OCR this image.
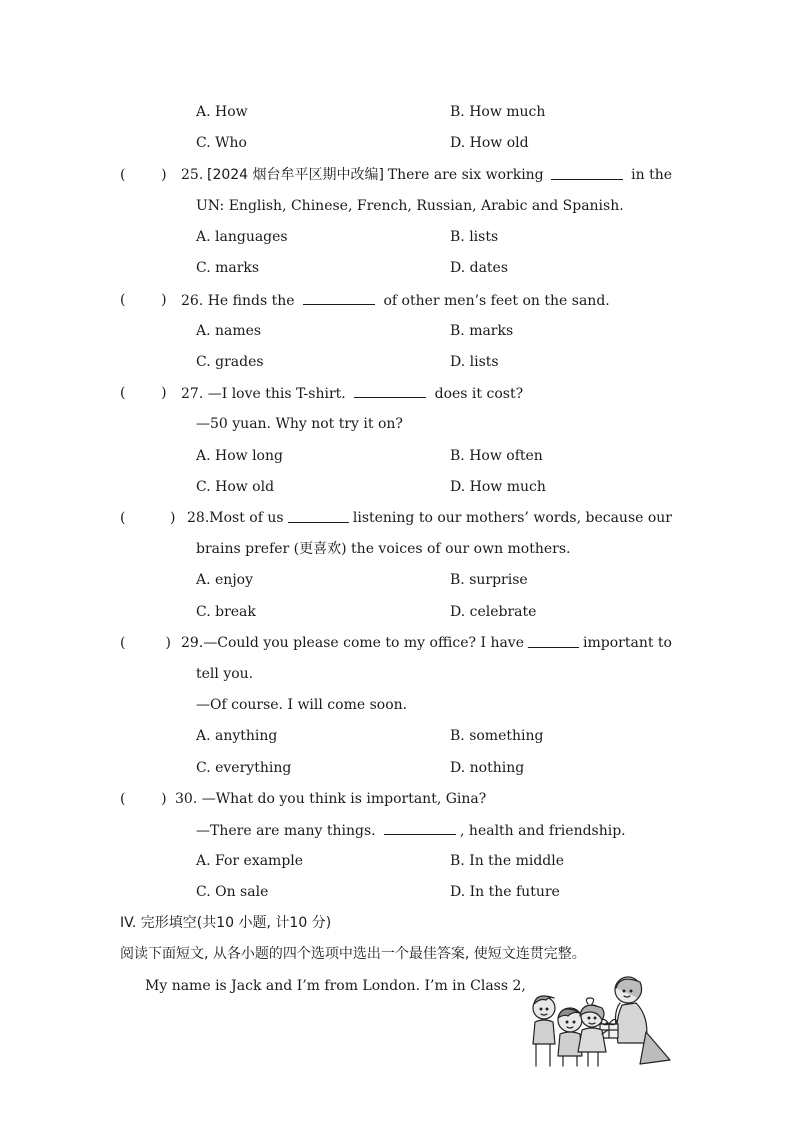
A. How	B. How much
C. Who	D. How old
(        ) 25. [2024 烟台牟平区期中改编] There are six working	in the
UN: English, Chinese, French, Russian, Arabic and Spanish.
A. languages	B. lists
C. marks	D. dates
(        ) 26. He finds the	of other men’s feet on the sand.
A. names	B. marks
C. grades	D. lists
(        ) 27. —I love this T-shirt.	does it cost?
—50 yuan. Why not try it on?
A. How long	B. How often
C. How old	D. How much
(          ) 28. Most of us	listening to our mothers’ words, because our
brains prefer (更喜欢) the voices of our own mothers.
A. enjoy	B. surprise
C. break	D. celebrate
(         ) 29. —Could you please come to my office? I have	important to
tell you.
—Of course. I will come soon.
A. anything	B. something
C. everything	D. nothing
(        ) 30. —What do you think is important, Gina?
—There are many things.	, health and friendship.
A. For example	B. In the middle
C. On sale	D. In the future
IV. 完形填空(共10 小题, 计10 分)
阅读下面短文, 从各小题的四个选项中选出一个最佳答案, 使短文连贯完整。
My name is Jack and I’m from London. I’m in Class 2,
